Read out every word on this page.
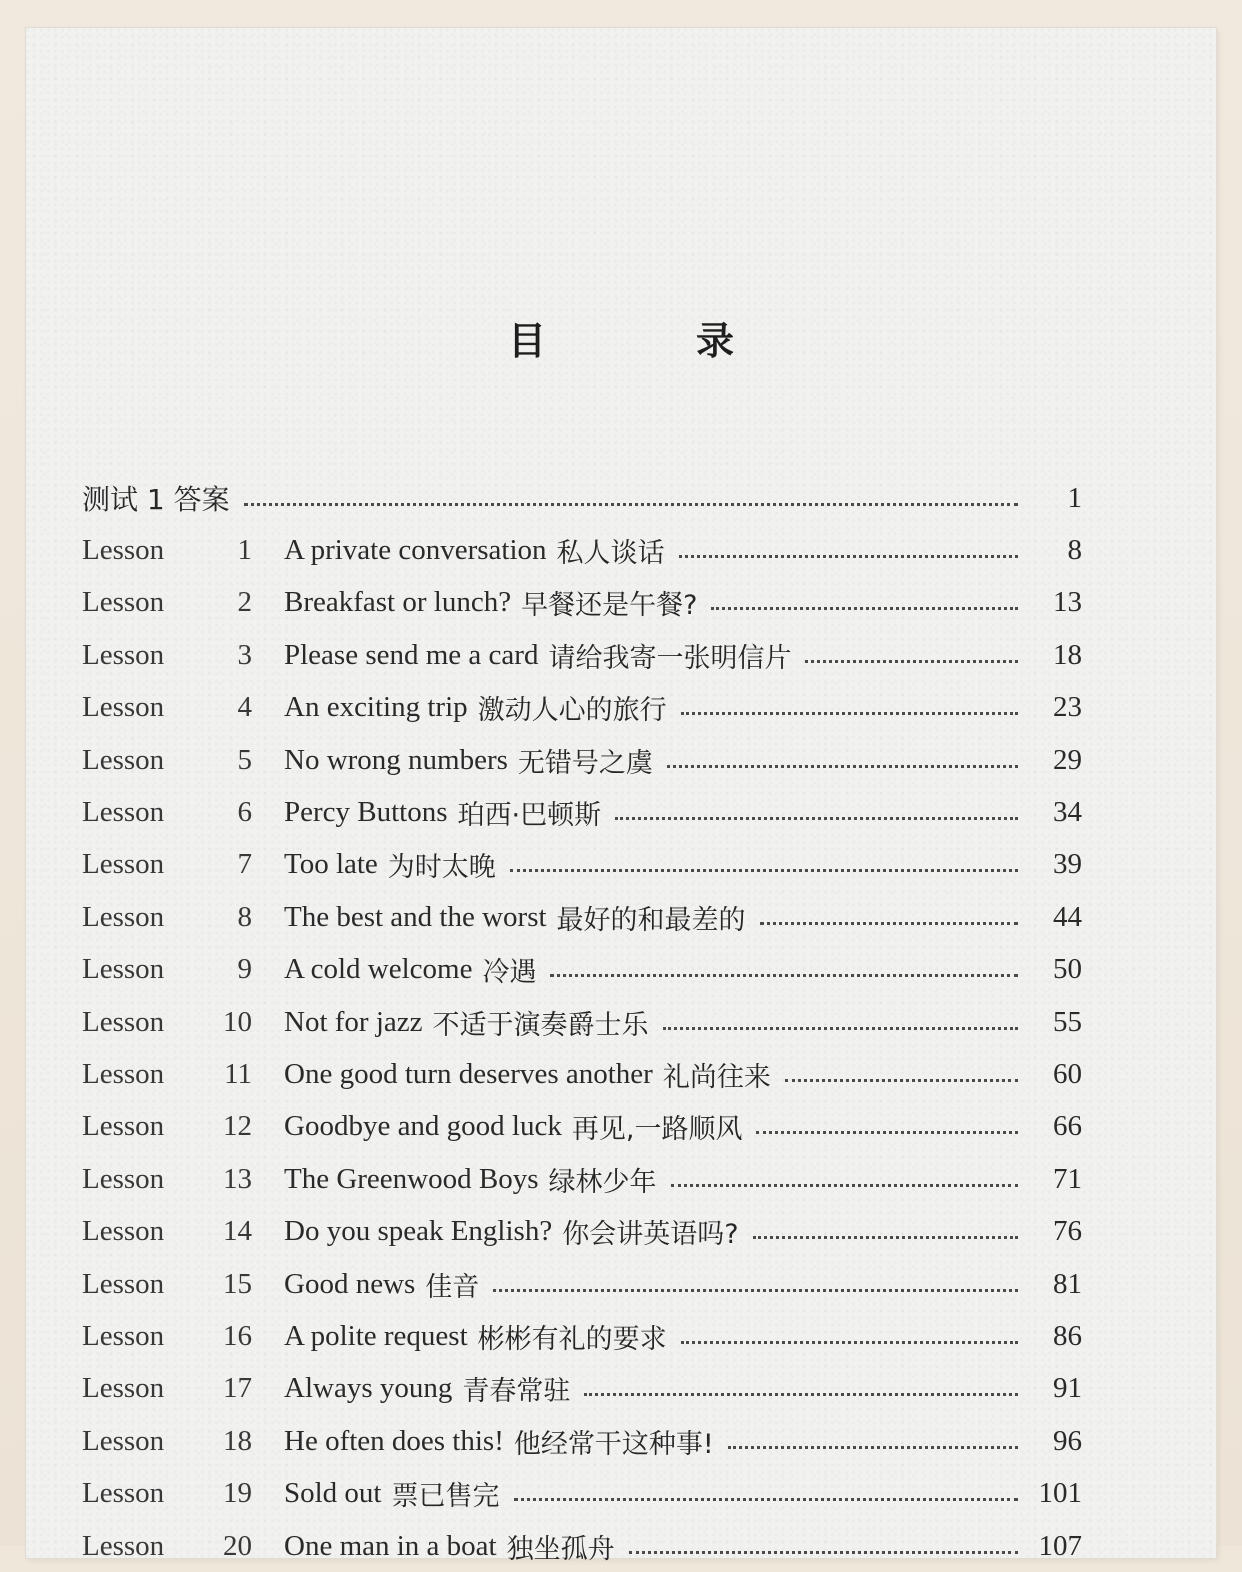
目	录
测试 1 答案	1
Lesson	1 A private conversation 私人谈话	8
Lesson	2 Breakfast or lunch? 早餐还是午餐?	13
Lesson	3 Please send me a card 请给我寄一张明信片	18
Lesson	4 An exciting trip 激动人心的旅行	23
Lesson	5 No wrong numbers 无错号之虞	29
Lesson	6 Percy Buttons 珀西·巴顿斯	34
Lesson	7 Too late 为时太晚	39
Lesson	8 The best and the worst 最好的和最差的	44
Lesson	9 A cold welcome 冷遇	50
Lesson	10 Not for jazz 不适于演奏爵士乐	55
Lesson	11 One good turn deserves another 礼尚往来	60
Lesson	12 Goodbye and good luck 再见,一路顺风	66
Lesson	13 The Greenwood Boys 绿林少年	71
Lesson	14 Do you speak English? 你会讲英语吗?	76
Lesson	15 Good news 佳音	81
Lesson	16 A polite request 彬彬有礼的要求	86
Lesson	17 Always young 青春常驻	91
Lesson	18 He often does this! 他经常干这种事!	96
Lesson	19 Sold out 票已售完	101
Lesson	20 One man in a boat 独坐孤舟	107
